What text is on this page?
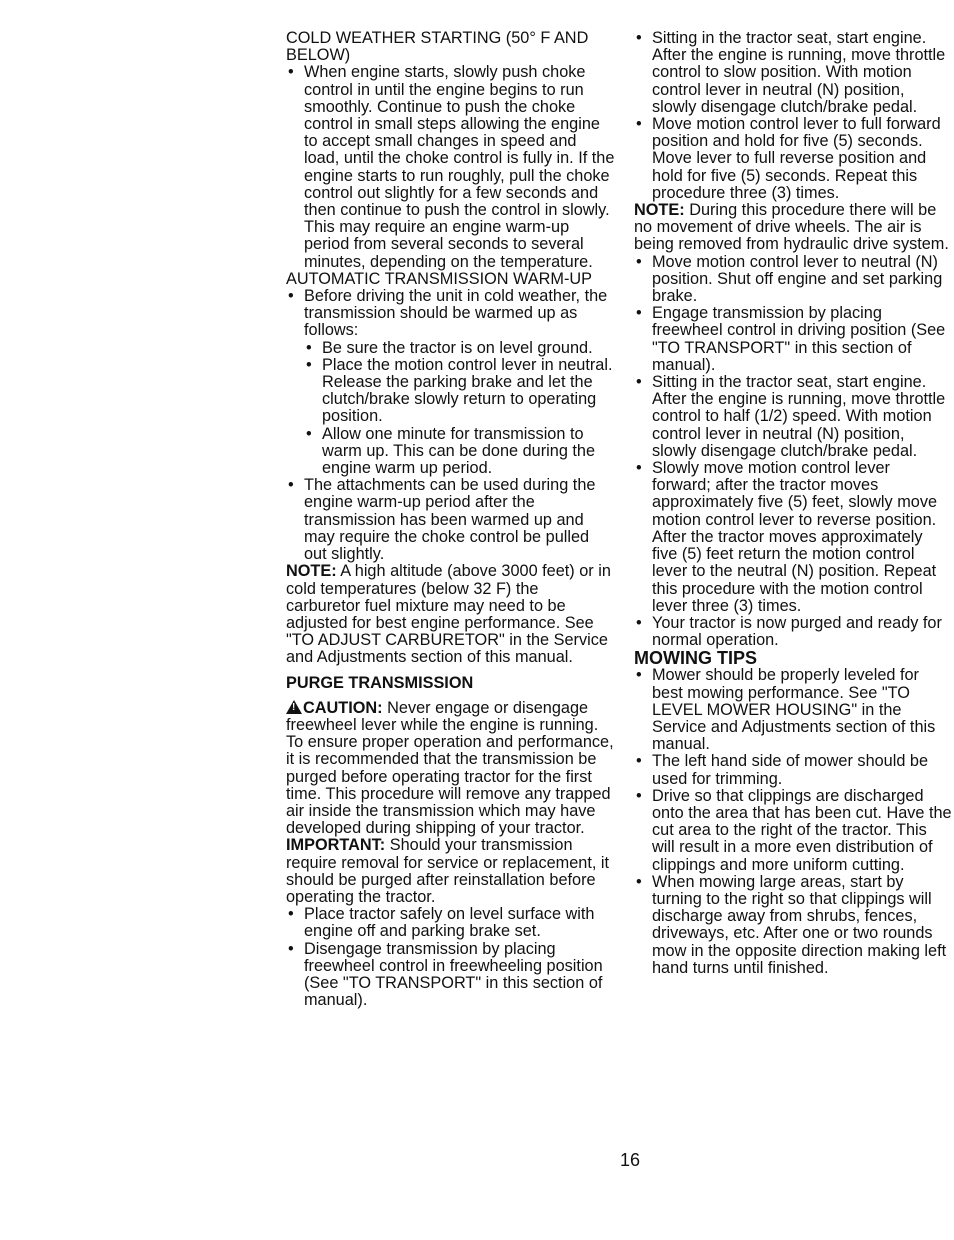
COLD WEATHER STARTING (50° F AND BELOW)

• When engine starts, slowly push choke control in until the engine begins to run smoothly. Continue to push the choke control in small steps allowing the engine to accept small changes in speed and load, until the choke control is fully in. If the engine starts to run roughly, pull the choke control out slightly for a few seconds and then continue to push the control in slowly. This may require an engine warm-up period from several seconds to several minutes, depending on the temperature.

AUTOMATIC TRANSMISSION WARM-UP

• Before driving the unit in cold weather, the transmission should be warmed up as follows:
• Be sure the tractor is on level ground.
• Place the motion control lever in neutral. Release the parking brake and let the clutch/brake slowly return to operating position.
• Allow one minute for transmission to warm up. This can be done during the engine warm up period.
• The attachments can be used during the engine warm-up period after the transmission has been warmed up and may require the choke control be pulled out slightly.

NOTE: A high altitude (above 3000 feet) or in cold temperatures (below 32 F) the carburetor fuel mixture may need to be adjusted for best engine performance. See "TO ADJUST CARBURETOR" in the Service and Adjustments section of this manual.

PURGE TRANSMISSION

!CAUTION: Never engage or disengage freewheel lever while the engine is running.

To ensure proper operation and performance, it is recommended that the transmission be purged before operating tractor for the first time. This procedure will remove any trapped air inside the transmission which may have developed during shipping of your tractor.

IMPORTANT: Should your transmission require removal for service or replacement, it should be purged after reinstallation before operating the tractor.

• Place tractor safely on level surface with engine off and parking brake set.
• Disengage transmission by placing freewheel control in freewheeling position (See "TO TRANSPORT" in this section of manual).
• Sitting in the tractor seat, start engine. After the engine is running, move throttle control to slow position. With motion control lever in neutral (N) position, slowly disengage clutch/brake pedal.
• Move motion control lever to full forward position and hold for five (5) seconds. Move lever to full reverse position and hold for five (5) seconds. Repeat this procedure three (3) times.

NOTE: During this procedure there will be no movement of drive wheels. The air is being removed from hydraulic drive system.

• Move motion control lever to neutral (N) position. Shut off engine and set parking brake.
• Engage transmission by placing freewheel control in driving position (See "TO TRANSPORT" in this section of manual).
• Sitting in the tractor seat, start engine. After the engine is running, move throttle control to half (1/2) speed. With motion control lever in neutral (N) position, slowly disengage clutch/brake pedal.
• Slowly move motion control lever forward; after the tractor moves approximately five (5) feet, slowly move motion control lever to reverse position. After the tractor moves approximately five (5) feet return the motion control lever to the neutral (N) position. Repeat this procedure with the motion control lever three (3) times.
• Your tractor is now purged and ready for normal operation.

MOWING TIPS

• Mower should be properly leveled for best mowing performance. See "TO LEVEL MOWER HOUSING" in the Service and Adjustments section of this manual.
• The left hand side of mower should be used for trimming.
• Drive so that clippings are discharged onto the area that has been cut. Have the cut area to the right of the tractor. This will result in a more even distribution of clippings and more uniform cutting.
• When mowing large areas, start by turning to the right so that clippings will discharge away from shrubs, fences, driveways, etc. After one or two rounds mow in the opposite direction making left hand turns until finished.
16
